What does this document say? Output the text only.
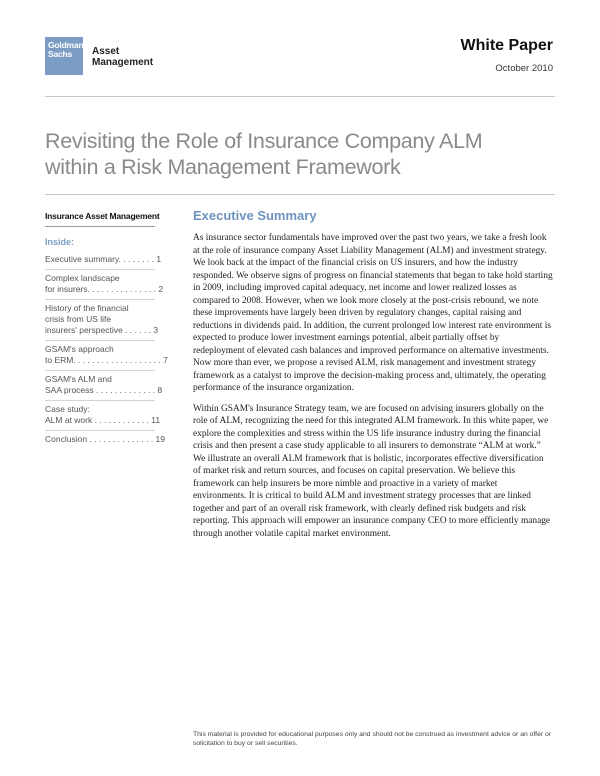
Goldman
Sachs	Asset
Management
White Paper
October 2010
Revisiting the Role of Insurance Company ALM
within a Risk Management Framework
Insurance Asset Management
Inside:
Executive summary. . . . . . . . 1
Complex landscape
for insurers. . . . . . . . . . . . . . . 2
History of the financial
crisis from US life
insurers' perspective . . . . . . 3
GSAM's approach
to ERM. . . . . . . . . . . . . . . . . . . 7
GSAM's ALM and
SAA process . . . . . . . . . . . . . 8
Case study:
ALM at work . . . . . . . . . . . . 11
Conclusion . . . . . . . . . . . . . . 19
Executive Summary

As insurance sector fundamentals have improved over the past two years, we take a fresh look at the role of insurance company Asset Liability Management (ALM) and investment strategy. We look back at the impact of the financial crisis on US insurers, and how the industry responded. We observe signs of progress on financial statements that began to take hold starting in 2009, including improved capital adequacy, net income and lower realized losses as compared to 2008. However, when we look more closely at the post-crisis rebound, we note these improvements have largely been driven by regulatory changes, capital raising and reductions in dividends paid. In addition, the current prolonged low interest rate environment is expected to produce lower investment earnings potential, albeit partially offset by redeployment of elevated cash balances and improved performance on alternative investments. Now more than ever, we propose a revised ALM, risk management and investment strategy framework as a catalyst to improve the decision-making process and, ultimately, the operating performance of the insurance organization.

Within GSAM's Insurance Strategy team, we are focused on advising insurers globally on the role of ALM, recognizing the need for this integrated ALM framework. In this white paper, we explore the complexities and stress within the US life insurance industry during the financial crisis and then present a case study applicable to all insurers to demonstrate “ALM at work.” We illustrate an overall ALM framework that is holistic, incorporates effective diversification of market risk and return sources, and focuses on capital preservation. We believe this framework can help insurers be more nimble and proactive in a variety of market environments. It is critical to build ALM and investment strategy processes that are linked together and part of an overall risk framework, with clearly defined risk budgets and risk reporting. This approach will empower an insurance company CEO to more efficiently manage through another volatile capital market environment.

This material is provided for educational purposes only and should not be construed as investment advice or an offer or solicitation to buy or sell securities.
